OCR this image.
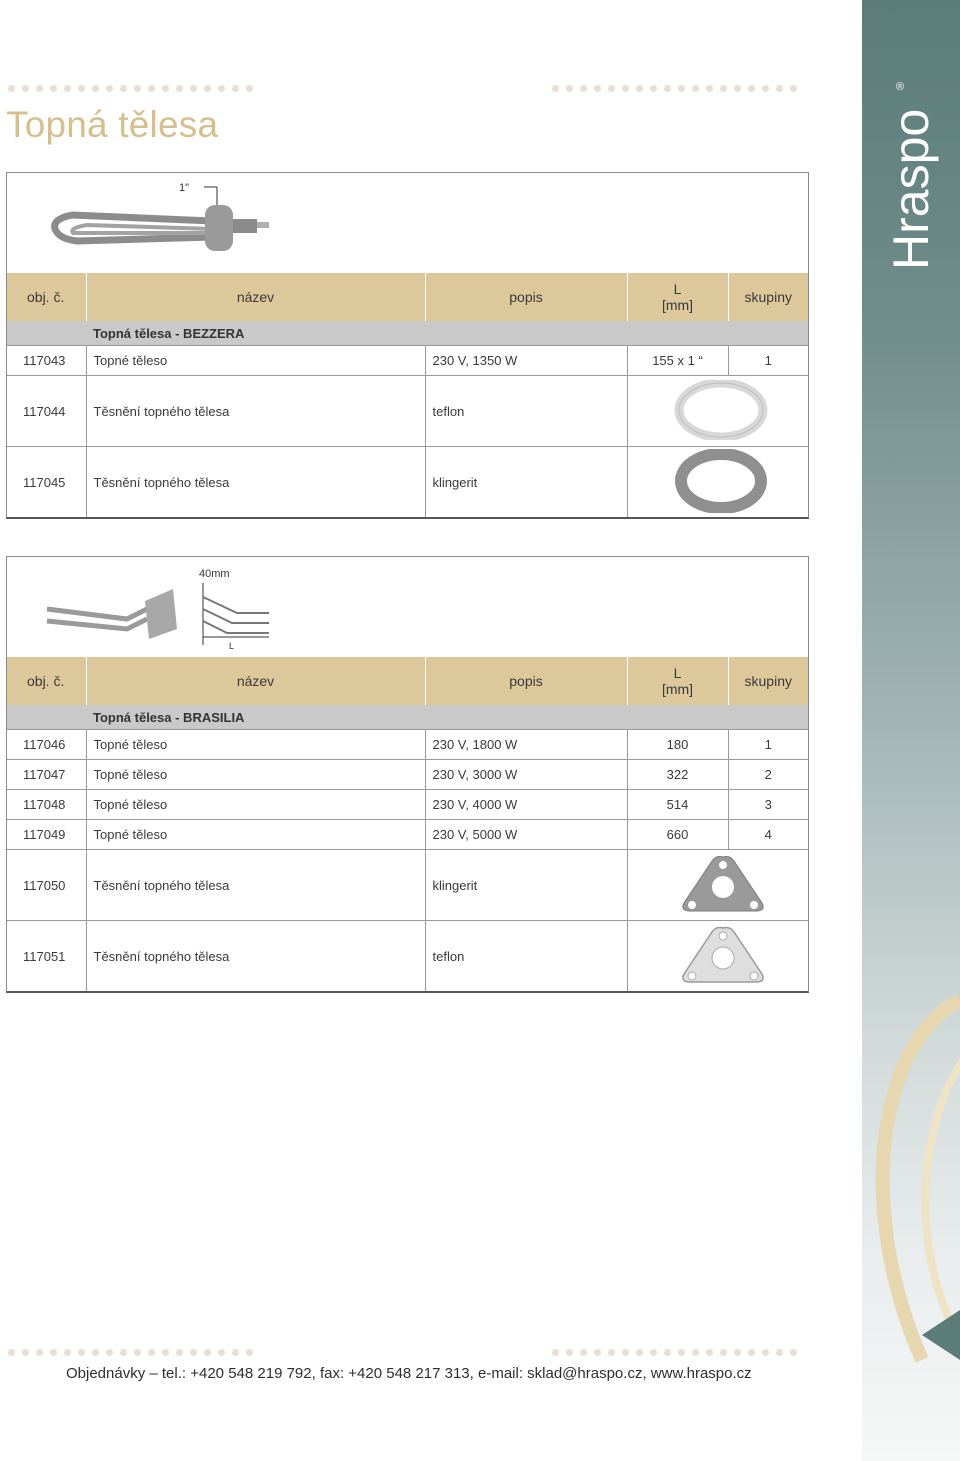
Topná tělesa	Hraspo
®
1"
obj. č.	název	popis	L
[mm]	skupiny
	Topná tělesa - BEZZERA			
117043	Topné těleso	230 V, 1350 W	155 x 1 “	1
117044	Těsnění topného tělesa	teflon	
117045	Těsnění topného tělesa	klingerit	
40mm
L
obj. č.	název	popis	L
[mm]	skupiny
	Topná tělesa - BRASILIA			
117046	Topné těleso	230 V, 1800 W	180	1
117047	Topné těleso	230 V, 3000 W	322	2
117048	Topné těleso	230 V, 4000 W	514	3
117049	Topné těleso	230 V, 5000 W	660	4
117050	Těsnění topného tělesa	klingerit	
117051	Těsnění topného tělesa	teflon	
Objednávky – tel.: +420 548 219 792, fax: +420 548 217 313, e-mail: sklad@hraspo.cz, www.hraspo.cz
